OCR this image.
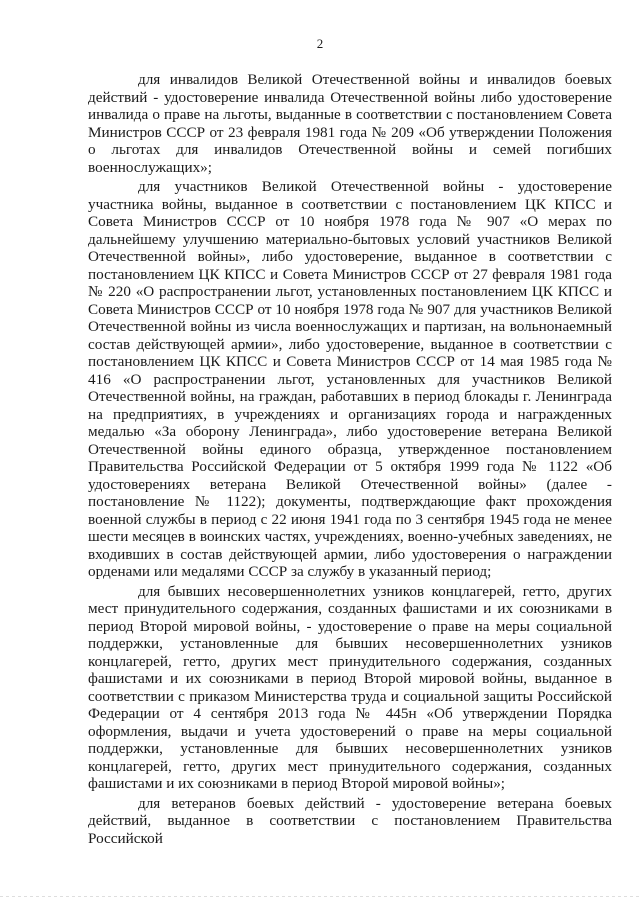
2

для инвалидов Великой Отечественной войны и инвалидов боевых действий - удостоверение инвалида Отечественной войны либо удостоверение инвалида о праве на льготы, выданные в соответствии с постановлением Совета Министров СССР от 23 февраля 1981 года № 209 «Об утверждении Положения о льготах для инвалидов Отечественной войны и семей погибших военнослужащих»;

для участников Великой Отечественной войны - удостоверение участника войны, выданное в соответствии с постановлением ЦК КПСС и Совета Министров СССР от 10 ноября 1978 года № 907 «О мерах по дальнейшему улучшению материально-бытовых условий участников Великой Отечественной войны», либо удостоверение, выданное в соответствии с постановлением ЦК КПСС и Совета Министров СССР от 27 февраля 1981 года № 220 «О распространении льгот, установленных постановлением ЦК КПСС и Совета Министров СССР от 10 ноября 1978 года № 907 для участников Великой Отечественной войны из числа военнослужащих и партизан, на вольнонаемный состав действующей армии», либо удостоверение, выданное в соответствии с постановлением ЦК КПСС и Совета Министров СССР от 14 мая 1985 года № 416 «О распространении льгот, установленных для участников Великой Отечественной войны, на граждан, работавших в период блокады г. Ленинграда на предприятиях, в учреждениях и организациях города и награжденных медалью «За оборону Ленинграда», либо удостоверение ветерана Великой Отечественной войны единого образца, утвержденное постановлением Правительства Российской Федерации от 5 октября 1999 года № 1122 «Об удостоверениях ветерана Великой Отечественной войны» (далее - постановление № 1122); документы, подтверждающие факт прохождения военной службы в период с 22 июня 1941 года по 3 сентября 1945 года не менее шести месяцев в воинских частях, учреждениях, военно-учебных заведениях, не входивших в состав действующей армии, либо удостоверения о награждении орденами или медалями СССР за службу в указанный период;

для бывших несовершеннолетних узников концлагерей, гетто, других мест принудительного содержания, созданных фашистами и их союзниками в период Второй мировой войны, - удостоверение о праве на меры социальной поддержки, установленные для бывших несовершеннолетних узников концлагерей, гетто, других мест принудительного содержания, созданных фашистами и их союзниками в период Второй мировой войны, выданное в соответствии с приказом Министерства труда и социальной защиты Российской Федерации от 4 сентября 2013 года № 445н «Об утверждении Порядка оформления, выдачи и учета удостоверений о праве на меры социальной поддержки, установленные для бывших несовершеннолетних узников концлагерей, гетто, других мест принудительного содержания, созданных фашистами и их союзниками в период Второй мировой войны»;

для ветеранов боевых действий - удостоверение ветерана боевых действий, выданное в соответствии с постановлением Правительства Российской
